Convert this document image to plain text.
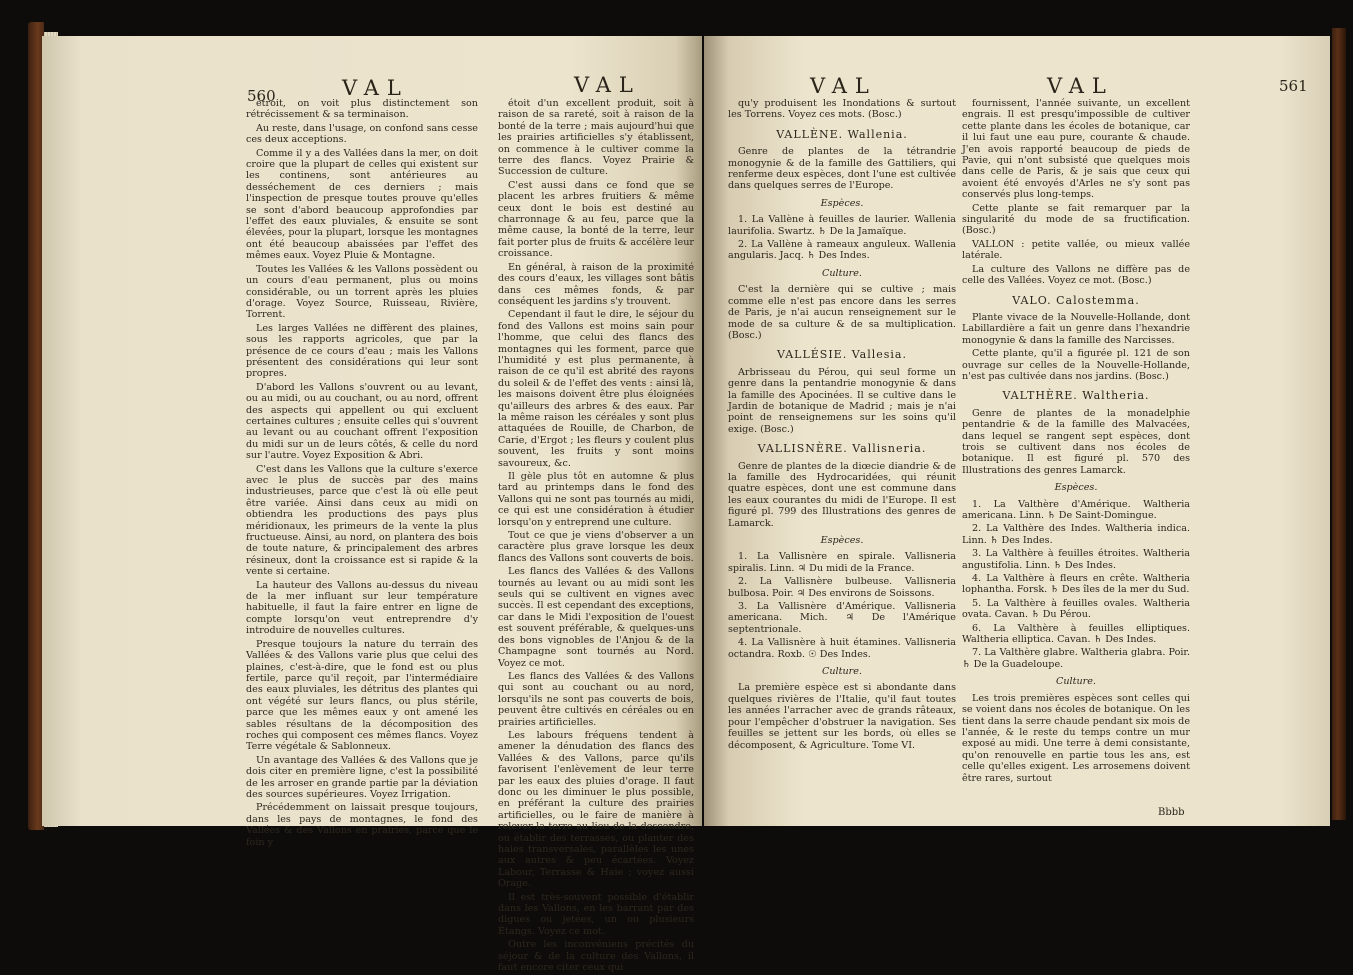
560	VAL	VAL

étroit, on voit plus distinctement son rétrécissement & sa terminaison.

Au reste, dans l'usage, on confond sans cesse ces deux acceptions.

Comme il y a des Vallées dans la mer, on doit croire que la plupart de celles qui existent sur les continens, sont antérieures au desséchement de ces derniers ; mais l'inspection de presque toutes prouve qu'elles se sont d'abord beaucoup approfondies par l'effet des eaux pluviales, & ensuite se sont élevées, pour la plupart, lorsque les montagnes ont été beaucoup abaissées par l'effet des mêmes eaux. Voyez Pluie & Montagne.

Toutes les Vallées & les Vallons possèdent ou un cours d'eau permanent, plus ou moins considérable, ou un torrent après les pluies d'orage. Voyez Source, Ruisseau, Rivière, Torrent.

Les larges Vallées ne diffèrent des plaines, sous les rapports agricoles, que par la présence de ce cours d'eau ; mais les Vallons présentent des considérations qui leur sont propres.

D'abord les Vallons s'ouvrent ou au levant, ou au midi, ou au couchant, ou au nord, offrent des aspects qui appellent ou qui excluent certaines cultures ; ensuite celles qui s'ouvrent au levant ou au couchant offrent l'exposition du midi sur un de leurs côtés, & celle du nord sur l'autre. Voyez Exposition & Abri.

C'est dans les Vallons que la culture s'exerce avec le plus de succès par des mains industrieuses, parce que c'est là où elle peut être variée. Ainsi dans ceux au midi on obtiendra les productions des pays plus méridionaux, les primeurs de la vente la plus fructueuse. Ainsi, au nord, on plantera des bois de toute nature, & principalement des arbres résineux, dont la croissance est si rapide & la vente si certaine.

La hauteur des Vallons au-dessus du niveau de la mer influant sur leur température habituelle, il faut la faire entrer en ligne de compte lorsqu'on veut entreprendre d'y introduire de nouvelles cultures.

Presque toujours la nature du terrain des Vallées & des Vallons varie plus que celui des plaines, c'est-à-dire, que le fond est ou plus fertile, parce qu'il reçoit, par l'intermédiaire des eaux pluviales, les détritus des plantes qui ont végété sur leurs flancs, ou plus stérile, parce que les mêmes eaux y ont amené les sables résultans de la décomposition des roches qui composent ces mêmes flancs. Voyez Terre végétale & Sablonneux.

Un avantage des Vallées & des Vallons que je dois citer en première ligne, c'est la possibilité de les arroser en grande partie par la déviation des sources supérieures. Voyez Irrigation.

Précédemment on laissait presque toujours, dans les pays de montagnes, le fond des Vallées & des Vallons en prairies, parce que le foin y

étoit d'un excellent produit, soit à raison de sa rareté, soit à raison de la bonté de la terre ; mais aujourd'hui que les prairies artificielles s'y établissent, on commence à le cultiver comme la terre des flancs. Voyez Prairie & Succession de culture.

C'est aussi dans ce fond que se placent les arbres fruitiers & même ceux dont le bois est destiné au charronnage & au feu, parce que la même cause, la bonté de la terre, leur fait porter plus de fruits & accélère leur croissance.

En général, à raison de la proximité des cours d'eaux, les villages sont bâtis dans ces mêmes fonds, & par conséquent les jardins s'y trouvent.

Cependant il faut le dire, le séjour du fond des Vallons est moins sain pour l'homme, que celui des flancs des montagnes qui les forment, parce que l'humidité y est plus permanente, à raison de ce qu'il est abrité des rayons du soleil & de l'effet des vents : ainsi là, les maisons doivent être plus éloignées qu'ailleurs des arbres & des eaux. Par la même raison les céréales y sont plus attaquées de Rouille, de Charbon, de Carie, d'Ergot ; les fleurs y coulent plus souvent, les fruits y sont moins savoureux, &c.

Il gèle plus tôt en automne & plus tard au printemps dans le fond des Vallons qui ne sont pas tournés au midi, ce qui est une considération à étudier lorsqu'on y entreprend une culture.

Tout ce que je viens d'observer a un caractère plus grave lorsque les deux flancs des Vallons sont couverts de bois.

Les flancs des Vallées & des Vallons tournés au levant ou au midi sont les seuls qui se cultivent en vignes avec succès. Il est cependant des exceptions, car dans le Midi l'exposition de l'ouest est souvent préférable, & quelques-uns des bons vignobles de l'Anjou & de la Champagne sont tournés au Nord. Voyez ce mot.

Les flancs des Vallées & des Vallons qui sont au couchant ou au nord, lorsqu'ils ne sont pas couverts de bois, peuvent être cultivés en céréales ou en prairies artificielles.

Les labours fréquens tendent à amener la dénudation des flancs des Vallées & des Vallons, parce qu'ils favorisent l'enlèvement de leur terre par les eaux des pluies d'orage. Il faut donc ou les diminuer le plus possible, en préférant la culture des prairies artificielles, ou le faire de manière à relever la terre au lieu de la descendre, ou établir des terrasses, ou planter des haies transversales, parallèles les unes aux autres & peu écartées. Voyez Labour, Terrasse & Haie ; voyez aussi Orage.

Il est très-souvent possible d'établir dans les Vallons, en les barrant par des digues ou jetées, un ou plusieurs Étangs. Voyez ce mot.

Outre les inconvéniens précités du séjour & de la culture des Vallons, il faut encore citer ceux qui

VAL	VAL	561

qu'y produisent les Inondations & surtout les Torrens. Voyez ces mots. (Bosc.)

VALLÈNE. Wallenia.

Genre de plantes de la tétrandrie monogynie & de la famille des Gattiliers, qui renferme deux espèces, dont l'une est cultivée dans quelques serres de l'Europe.

Espèces.

1. La Vallène à feuilles de laurier. Wallenia laurifolia. Swartz. ♄ De la Jamaïque.

2. La Vallène à rameaux anguleux. Wallenia angularis. Jacq. ♄ Des Indes.

Culture.

C'est la dernière qui se cultive ; mais comme elle n'est pas encore dans les serres de Paris, je n'ai aucun renseignement sur le mode de sa culture & de sa multiplication. (Bosc.)

VALLÉSIE. Vallesia.

Arbrisseau du Pérou, qui seul forme un genre dans la pentandrie monogynie & dans la famille des Apocinées. Il se cultive dans le Jardin de botanique de Madrid ; mais je n'ai point de renseignemens sur les soins qu'il exige. (Bosc.)

VALLISNÈRE. Vallisneria.

Genre de plantes de la diœcie diandrie & de la famille des Hydrocaridées, qui réunit quatre espèces, dont une est commune dans les eaux courantes du midi de l'Europe. Il est figuré pl. 799 des Illustrations des genres de Lamarck.

Espèces.

1. La Vallisnère en spirale. Vallisneria spiralis. Linn. ♃ Du midi de la France.

2. La Vallisnère bulbeuse. Vallisneria bulbosa. Poir. ♃ Des environs de Soissons.

3. La Vallisnère d'Amérique. Vallisneria americana. Mich. ♃ De l'Amérique septentrionale.

4. La Vallisnère à huit étamines. Vallisneria octandra. Roxb. ☉ Des Indes.

Culture.

La première espèce est si abondante dans quelques rivières de l'Italie, qu'il faut toutes les années l'arracher avec de grands râteaux, pour l'empêcher d'obstruer la navigation. Ses feuilles se jettent sur les bords, où elles se décomposent, & Agriculture. Tome VI.

fournissent, l'année suivante, un excellent engrais. Il est presqu'impossible de cultiver cette plante dans les écoles de botanique, car il lui faut une eau pure, courante & chaude. J'en avois rapporté beaucoup de pieds de Pavie, qui n'ont subsisté que quelques mois dans celle de Paris, & je sais que ceux qui avoient été envoyés d'Arles ne s'y sont pas conservés plus long-temps.

Cette plante se fait remarquer par la singularité du mode de sa fructification. (Bosc.)

VALLON : petite vallée, ou mieux vallée latérale.

La culture des Vallons ne diffère pas de celle des Vallées. Voyez ce mot. (Bosc.)

VALO. Calostemma.

Plante vivace de la Nouvelle-Hollande, dont Labillardière a fait un genre dans l'hexandrie monogynie & dans la famille des Narcisses.

Cette plante, qu'il a figurée pl. 121 de son ouvrage sur celles de la Nouvelle-Hollande, n'est pas cultivée dans nos jardins. (Bosc.)

VALTHÈRE. Waltheria.

Genre de plantes de la monadelphie pentandrie & de la famille des Malvacées, dans lequel se rangent sept espèces, dont trois se cultivent dans nos écoles de botanique. Il est figuré pl. 570 des Illustrations des genres Lamarck.

Espèces.

1. La Valthère d'Amérique. Waltheria americana. Linn. ♄ De Saint-Domingue.

2. La Valthère des Indes. Waltheria indica. Linn. ♄ Des Indes.

3. La Valthère à feuilles étroites. Waltheria angustifolia. Linn. ♄ Des Indes.

4. La Valthère à fleurs en crête. Waltheria lophantha. Forsk. ♄ Des îles de la mer du Sud.

5. La Valthère à feuilles ovales. Waltheria ovata. Cavan. ♄ Du Pérou.

6. La Valthère à feuilles elliptiques. Waltheria elliptica. Cavan. ♄ Des Indes.

7. La Valthère glabre. Waltheria glabra. Poir. ♄ De la Guadeloupe.

Culture.

Les trois premières espèces sont celles qui se voient dans nos écoles de botanique. On les tient dans la serre chaude pendant six mois de l'année, & le reste du temps contre un mur exposé au midi. Une terre à demi consistante, qu'on renouvelle en partie tous les ans, est celle qu'elles exigent. Les arrosemens doivent être rares, surtout

Bbbb
